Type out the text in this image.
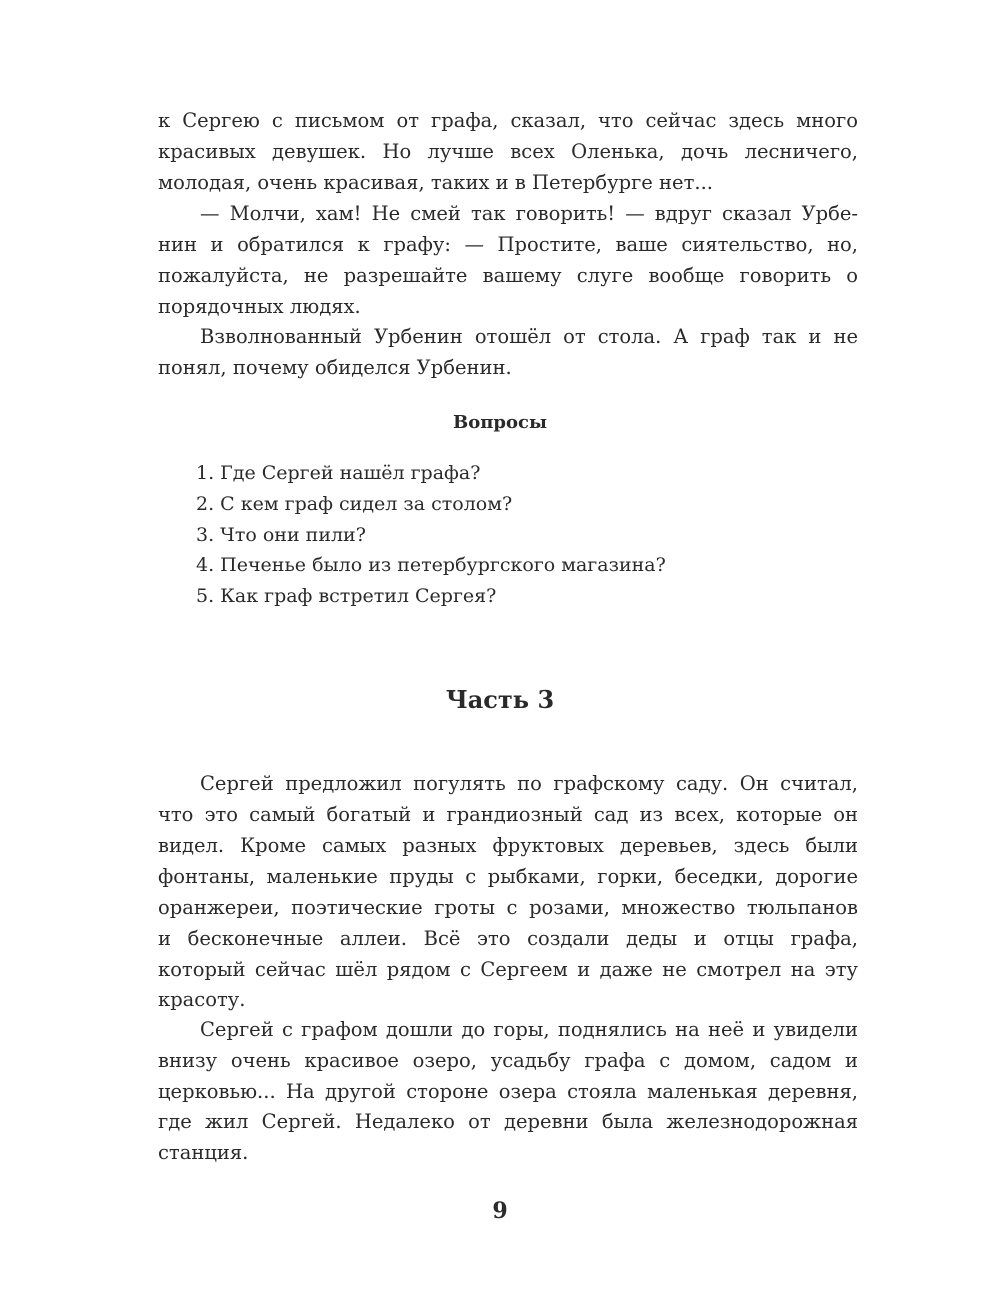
к Сергею с письмом от графа, сказал, что сейчас здесь много
красивых девушек. Но лучше всех Оленька, дочь лесничего,
молодая, очень красивая, таких и в Петербурге нет...
— Молчи, хам! Не смей так говорить! — вдруг сказал Урбе-
нин и обратился к графу: — Простите, ваше сиятельство, но,
пожалуйста, не разрешайте вашему слуге вообще говорить о
порядочных людях.
Взволнованный Урбенин отошёл от стола. А граф так и не
понял, почему обиделся Урбенин.
Вопросы
1. Где Сергей нашёл графа?
2. С кем граф сидел за столом?
3. Что они пили?
4. Печенье было из петербургского магазина?
5. Как граф встретил Сергея?
Часть 3
Сергей предложил погулять по графскому саду. Он считал,
что это самый богатый и грандиозный сад из всех, которые он
видел. Кроме самых разных фруктовых деревьев, здесь были
фонтаны, маленькие пруды с рыбками, горки, беседки, дорогие
оранжереи, поэтические гроты с розами, множество тюльпанов
и бесконечные аллеи. Всё это создали деды и отцы графа,
который сейчас шёл рядом с Сергеем и даже не смотрел на эту
красоту.
Сергей с графом дошли до горы, поднялись на неё и увидели
внизу очень красивое озеро, усадьбу графа с домом, садом и
церковью... На другой стороне озера стояла маленькая деревня,
где жил Сергей. Недалеко от деревни была железнодорожная
станция.
9
